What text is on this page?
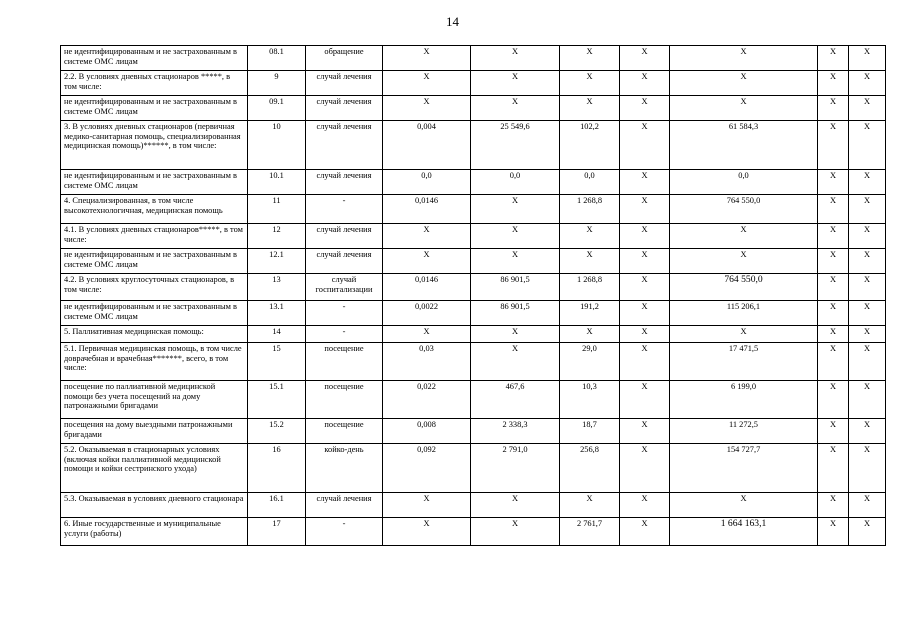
14
не идентифицированным и не застрахованным в системе ОМС лицам	08.1	обращение	X	X	X	X	X	X	X
2.2. В условиях дневных стационаров *****, в том числе:	9	случай лечения	X	X	X	X	X	X	X
не идентифицированным и не застрахованным в системе ОМС лицам	09.1	случай лечения	X	X	X	X	X	X	X
3. В условиях дневных стационаров (первичная медико-санитарная помощь, специализированная медицинская помощь)******, в том числе:	10	случай лечения	0,004	25 549,6	102,2	X	61 584,3	X	X
не идентифицированным и не застрахованным в системе ОМС лицам	10.1	случай лечения	0,0	0,0	0,0	X	0,0	X	X
4. Специализированная, в том числе высокотехнологичная, медицинская помощь	11	-	0,0146	X	1 268,8	X	764 550,0	X	X
4.1. В условиях дневных стационаров*****, в том числе:	12	случай лечения	X	X	X	X	X	X	X
не идентифицированным и не застрахованным в системе ОМС лицам	12.1	случай лечения	X	X	X	X	X	X	X
4.2. В условиях круглосуточных стационаров, в том числе:	13	случай госпитализации	0,0146	86 901,5	1 268,8	X	764 550,0	X	X
не идентифицированным и не застрахованным в системе ОМС лицам	13.1	-	0,0022	86 901,5	191,2	X	115 206,1	X	X
5. Паллиативная медицинская помощь:	14	-	X	X	X	X	X	X	X
5.1. Первичная медицинская помощь, в том числе доврачебная и врачебная*******, всего, в том числе:	15	посещение	0,03	X	29,0	X	17 471,5	X	X
посещение по паллиативной медицинской помощи без учета посещений на дому патронажными бригадами	15.1	посещение	0,022	467,6	10,3	X	6 199,0	X	X
посещения на дому выездными патронажными бригадами	15.2	посещение	0,008	2 338,3	18,7	X	11 272,5	X	X
5.2. Оказываемая в стационарных условиях (включая койки паллиативной медицинской помощи и койки сестринского ухода)	16	койко-день	0,092	2 791,0	256,8	X	154 727,7	X	X
5.3. Оказываемая в условиях дневного стационара	16.1	случай лечения	X	X	X	X	X	X	X
6. Иные государственные и муниципальные услуги (работы)	17	-	X	X	2 761,7	X	1 664 163,1	X	X
